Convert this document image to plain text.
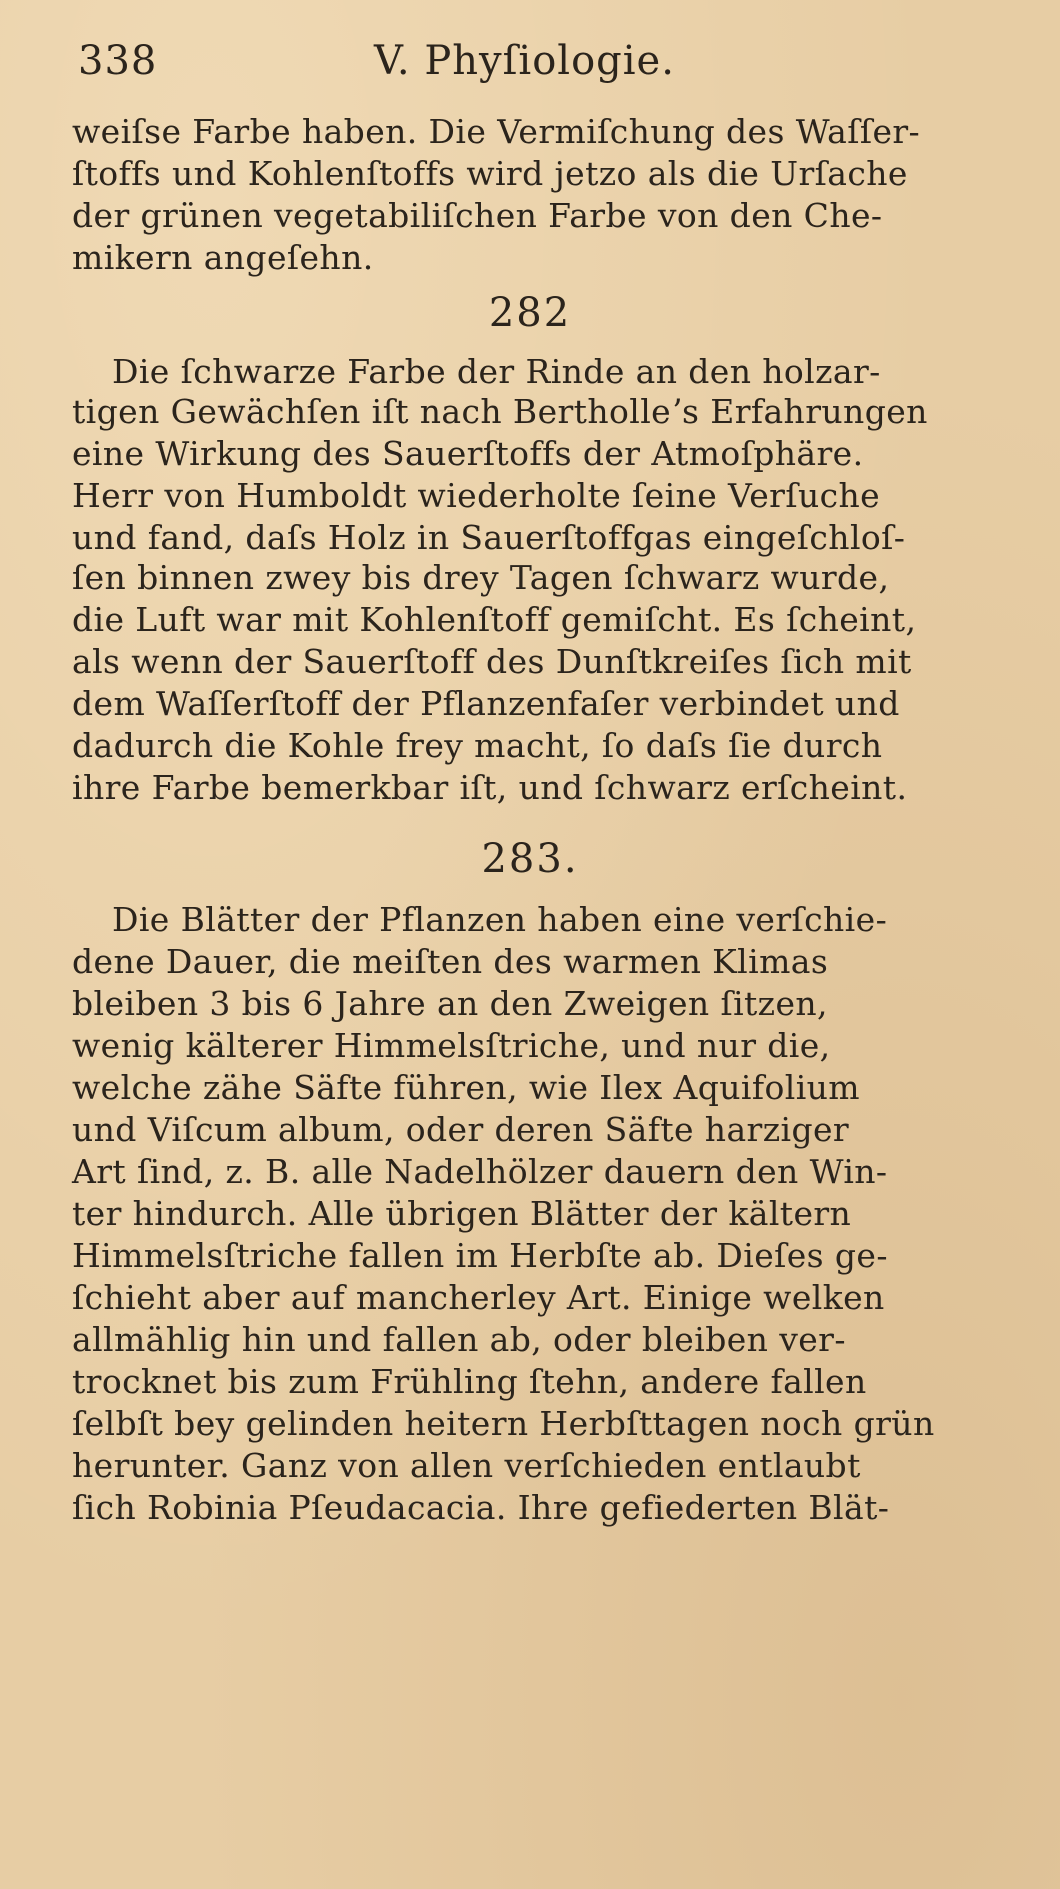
338	V. Phyſiologie.
weiſse Farbe haben. Die Vermiſchung des Waſſer-
ſtoffs und Kohlenſtoffs wird jetzo als die Urſache
der grünen vegetabiliſchen Farbe von den Che-
mikern angeſehn.
282
Die ſchwarze Farbe der Rinde an den holzar-
tigen Gewächſen iſt nach Bertholleʼs Erfahrungen
eine Wirkung des Sauerſtoffs der Atmoſphäre.
Herr von Humboldt wiederholte ſeine Verſuche
und fand, daſs Holz in Sauerſtoffgas eingeſchloſ-
ſen binnen zwey bis drey Tagen ſchwarz wurde,
die Luft war mit Kohlenſtoff gemiſcht. Es ſcheint,
als wenn der Sauerſtoff des Dunſtkreiſes ſich mit
dem Waſſerſtoff der Pflanzenfaſer verbindet und
dadurch die Kohle frey macht, ſo daſs ſie durch
ihre Farbe bemerkbar iſt, und ſchwarz erſcheint.
283.
Die Blätter der Pflanzen haben eine verſchie-
dene Dauer, die meiſten des warmen Klimas
bleiben 3 bis 6 Jahre an den Zweigen ſitzen,
wenig kälterer Himmelsſtriche, und nur die,
welche zähe Säfte führen, wie Ilex Aquifolium
und Viſcum album, oder deren Säfte harziger
Art ſind, z. B. alle Nadelhölzer dauern den Win-
ter hindurch. Alle übrigen Blätter der kältern
Himmelsſtriche fallen im Herbſte ab. Dieſes ge-
ſchieht aber auf mancherley Art. Einige welken
allmählig hin und fallen ab, oder bleiben ver-
trocknet bis zum Frühling ſtehn, andere fallen
ſelbſt bey gelinden heitern Herbſttagen noch grün
herunter. Ganz von allen verſchieden entlaubt
ſich Robinia Pſeudacacia. Ihre gefiederten Blät-
